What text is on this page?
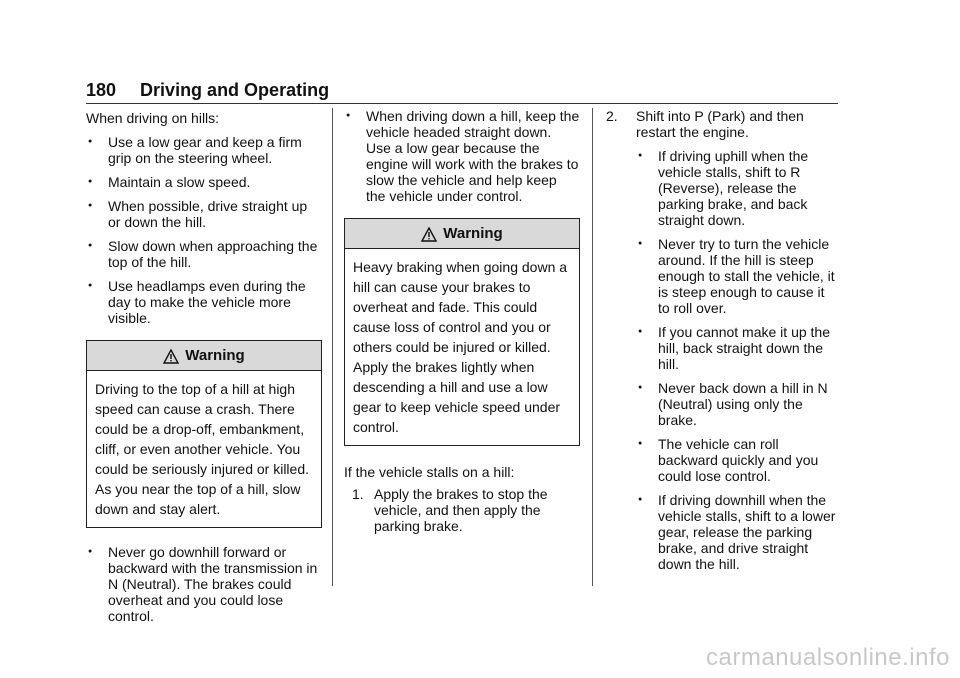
180 Driving and Operating
When driving on hills:
● Use a low gear and keep a firm grip on the steering wheel.
● Maintain a slow speed.
● When possible, drive straight up or down the hill.
● Slow down when approaching the top of the hill.
● Use headlamps even during the day to make the vehicle more visible.
Warning
Driving to the top of a hill at high speed can cause a crash. There could be a drop-off, embankment, cliff, or even another vehicle. You could be seriously injured or killed. As you near the top of a hill, slow down and stay alert.
● Never go downhill forward or backward with the transmission in N (Neutral). The brakes could overheat and you could lose control.
● When driving down a hill, keep the vehicle headed straight down. Use a low gear because the engine will work with the brakes to slow the vehicle and help keep the vehicle under control.
Warning
Heavy braking when going down a hill can cause your brakes to overheat and fade. This could cause loss of control and you or others could be injured or killed. Apply the brakes lightly when descending a hill and use a low gear to keep vehicle speed under control.
If the vehicle stalls on a hill:
1. Apply the brakes to stop the vehicle, and then apply the parking brake.
2. Shift into P (Park) and then restart the engine.
● If driving uphill when the vehicle stalls, shift to R (Reverse), release the parking brake, and back straight down.
● Never try to turn the vehicle around. If the hill is steep enough to stall the vehicle, it is steep enough to cause it to roll over.
● If you cannot make it up the hill, back straight down the hill.
● Never back down a hill in N (Neutral) using only the brake.
● The vehicle can roll backward quickly and you could lose control.
● If driving downhill when the vehicle stalls, shift to a lower gear, release the parking brake, and drive straight down the hill.
carmanualsonline.info
